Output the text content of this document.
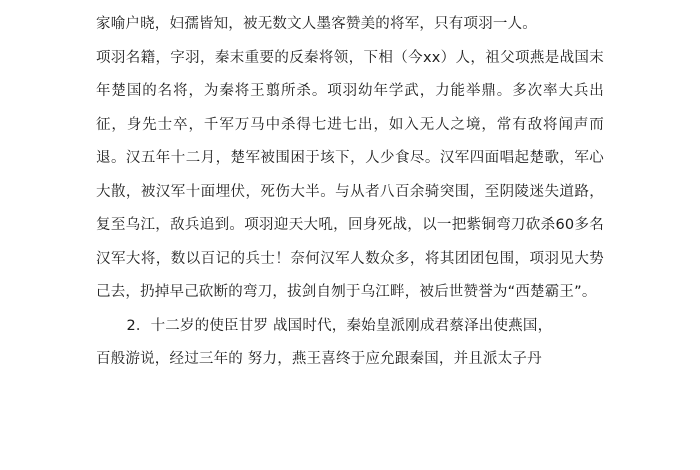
家喻户晓，妇孺皆知，被无数文人墨客赞美的将军，只有项羽一人。

项羽名籍，字羽，秦末重要的反秦将领，下相（今xx）人，祖父项燕是战国末年楚国的名将，为秦将王翦所杀。项羽幼年学武，力能举鼎。多次率大兵出征，身先士卒，千军万马中杀得七进七出，如入无人之境，常有敌将闻声而退。汉五年十二月，楚军被围困于垓下，人少食尽。汉军四面唱起楚歌，军心大散，被汉军十面埋伏，死伤大半。与从者八百余骑突围，至阴陵迷失道路，复至乌江，敌兵追到。项羽迎天大吼，回身死战，以一把紫铜弯刀砍杀60多名汉军大将，数以百记的兵士！奈何汉军人数众多，将其团团包围，项羽见大势己去，扔掉早己砍断的弯刀，拔剑自刎于乌江畔，被后世赞誉为“西楚霸王”。

2．十二岁的使臣甘罗 战国时代，秦始皇派刚成君蔡泽出使燕国，

百般游说，经过三年的 努力，燕王喜终于应允跟秦国，并且派太子丹
